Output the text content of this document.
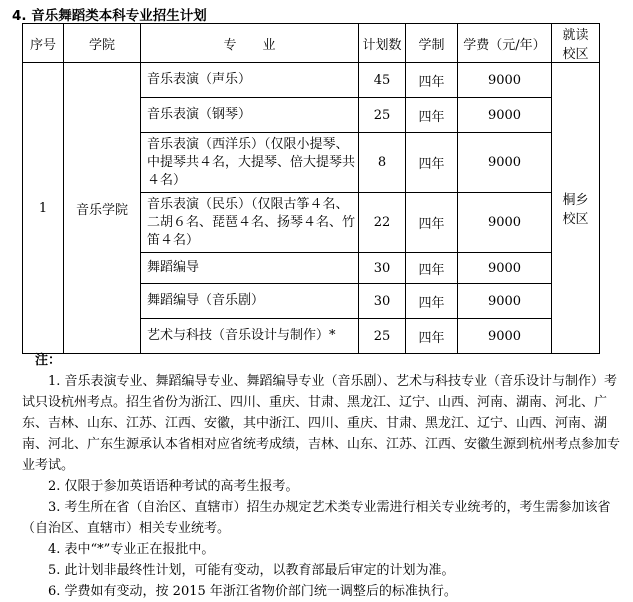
4. 音乐舞蹈类本科专业招生计划
序号	学院	专　　业	计划数	学制	学费（元/年）	就读校区
1	音乐学院	音乐表演（声乐）	45	四年	9000	桐乡校区
		音乐表演（钢琴）	25	四年	9000	
		音乐表演（西洋乐）（仅限小提琴、中提琴共４名，大提琴、倍大提琴共４名）	8	四年	9000	
		音乐表演（民乐）（仅限古筝４名、二胡６名、琵琶４名、扬琴４名、竹笛４名）	22	四年	9000	
		舞蹈编导	30	四年	9000	
		舞蹈编导（音乐剧）	30	四年	9000	
		艺术与科技（音乐设计与制作）*	25	四年	9000	

注：

1. 音乐表演专业、舞蹈编导专业、舞蹈编导专业（音乐剧）、艺术与科技专业（音乐设计与制作）考试只设杭州考点。招生省份为浙江、四川、重庆、甘肃、黑龙江、辽宁、山西、河南、湖南、河北、广东、吉林、山东、江苏、江西、安徽，其中浙江、四川、重庆、甘肃、黑龙江、辽宁、山西、河南、湖南、河北、广东生源承认本省相对应省统考成绩，吉林、山东、江苏、江西、安徽生源到杭州考点参加专业考试。

2. 仅限于参加英语语种考试的高考生报考。

3. 考生所在省（自治区、直辖市）招生办规定艺术类专业需进行相关专业统考的，考生需参加该省（自治区、直辖市）相关专业统考。

4. 表中“*”专业正在报批中。

5. 此计划非最终性计划，可能有变动，以教育部最后审定的计划为准。

6. 学费如有变动，按 2015 年浙江省物价部门统一调整后的标准执行。
